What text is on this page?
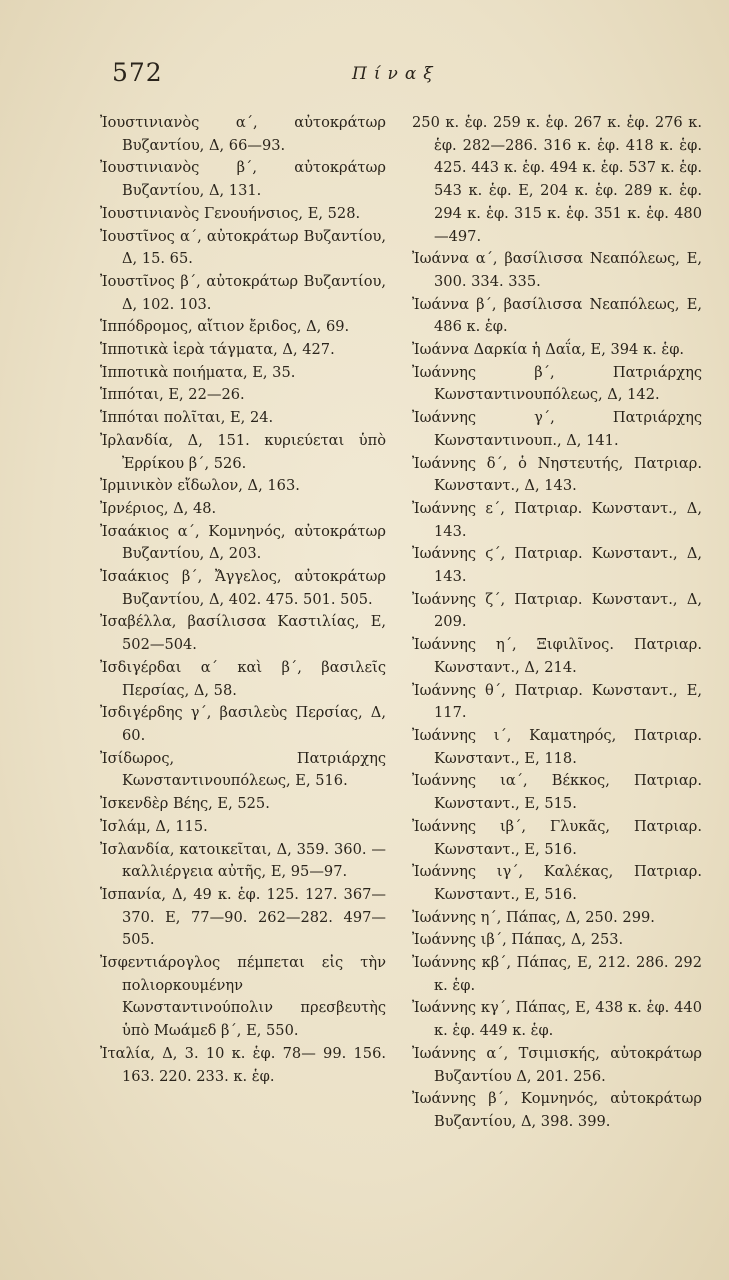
572	Πίναξ
Ἰουστινιανὸς α΄, αὐτοκράτωρ Βυζαντίου, Δ, 66—93.
Ἰουστινιανὸς β΄, αὐτοκράτωρ Βυζαντίου, Δ, 131.
Ἰουστινιανὸς Γενουήνσιος, Ε, 528.
Ἰουστῖνος α΄, αὐτοκράτωρ Βυζαντίου, Δ, 15. 65.
Ἰουστῖνος β΄, αὐτοκράτωρ Βυζαντίου, Δ, 102. 103.
Ἱππόδρομος, αἴτιον ἔριδος, Δ, 69.
Ἱπποτικὰ ἱερὰ τάγματα, Δ, 427.
Ἱπποτικὰ ποιήματα, Ε, 35.
Ἱππόται, Ε, 22—26.
Ἱππόται πολῖται, Ε, 24.
Ἰρλανδία, Δ, 151. κυριεύεται ὑπὸ Ἐρρίκου β΄, 526.
Ἰρμινικὸν εἴδωλον, Δ, 163.
Ἰρνέριος, Δ, 48.
Ἰσαάκιος α΄, Κομνηνός, αὐτοκράτωρ Βυζαντίου, Δ, 203.
Ἰσαάκιος β΄, Ἄγγελος, αὐτοκράτωρ Βυζαντίου, Δ, 402. 475. 501. 505.
Ἰσαβέλλα, βασίλισσα Καστιλίας, Ε, 502—504.
Ἰσδιγέρδαι α΄ καὶ β΄, βασιλεῖς Περσίας, Δ, 58.
Ἰσδιγέρδης γ΄, βασιλεὺς Περσίας, Δ, 60.
Ἰσίδωρος, Πατριάρχης Κωνσταντινουπόλεως, Ε, 516.
Ἰσκενδὲρ Βέης, Ε, 525.
Ἰσλάμ, Δ, 115.
Ἰσλανδία, κατοικεῖται, Δ, 359. 360. — καλλιέργεια αὐτῆς, Ε, 95—97.
Ἱσπανία, Δ, 49 κ. ἑφ. 125. 127. 367—370. Ε, 77—90. 262—282. 497—505.
Ἰσφεντιάρογλος πέμπεται εἰς τὴν πολιορκουμένην Κωνσταντινούπολιν πρεσβευτὴς ὑπὸ Μωάμεδ β΄, Ε, 550.
Ἰταλία, Δ, 3. 10 κ. ἑφ. 78— 99. 156. 163. 220. 233. κ. ἑφ.
250 κ. ἑφ. 259 κ. ἑφ. 267 κ. ἑφ. 276 κ. ἑφ. 282—286. 316 κ. ἑφ. 418 κ. ἑφ. 425. 443 κ. ἑφ. 494 κ. ἑφ. 537 κ. ἑφ. 543 κ. ἑφ. Ε, 204 κ. ἑφ. 289 κ. ἑφ. 294 κ. ἑφ. 315 κ. ἑφ. 351 κ. ἑφ. 480—497.
Ἰωάννα α΄, βασίλισσα Νεαπόλεως, Ε, 300. 334. 335.
Ἰωάννα β΄, βασίλισσα Νεαπόλεως, Ε, 486 κ. ἑφ.
Ἰωάννα Δαρκία ἡ Δαΐα, Ε, 394 κ. ἑφ.
Ἰωάννης β΄, Πατριάρχης Κωνσταντινουπόλεως, Δ, 142.
Ἰωάννης γ΄, Πατριάρχης Κωνσταντινουπ., Δ, 141.
Ἰωάννης δ΄, ὁ Νηστευτής, Πατριαρ. Κωνσταντ., Δ, 143.
Ἰωάννης ε΄, Πατριαρ. Κωνσταντ., Δ, 143.
Ἰωάννης ϛ΄, Πατριαρ. Κωνσταντ., Δ, 143.
Ἰωάννης ζ΄, Πατριαρ. Κωνσταντ., Δ, 209.
Ἰωάννης η΄, Ξιφιλῖνος. Πατριαρ. Κωνσταντ., Δ, 214.
Ἰωάννης θ΄, Πατριαρ. Κωνσταντ., Ε, 117.
Ἰωάννης ι΄, Καματηρός, Πατριαρ. Κωνσταντ., Ε, 118.
Ἰωάννης ια΄, Βέκκος, Πατριαρ. Κωνσταντ., Ε, 515.
Ἰωάννης ιβ΄, Γλυκᾶς, Πατριαρ. Κωνσταντ., Ε, 516.
Ἰωάννης ιγ΄, Καλέκας, Πατριαρ. Κωνσταντ., Ε, 516.
Ἰωάννης η΄, Πάπας, Δ, 250. 299.
Ἰωάννης ιβ΄, Πάπας, Δ, 253.
Ἰωάννης κβ΄, Πάπας, Ε, 212. 286. 292 κ. ἑφ.
Ἰωάννης κγ΄, Πάπας, Ε, 438 κ. ἑφ. 440 κ. ἑφ. 449 κ. ἑφ.
Ἰωάννης α΄, Τσιμισκής, αὐτοκράτωρ Βυζαντίου Δ, 201. 256.
Ἰωάννης β΄, Κομνηνός, αὐτοκράτωρ Βυζαντίου, Δ, 398. 399.
